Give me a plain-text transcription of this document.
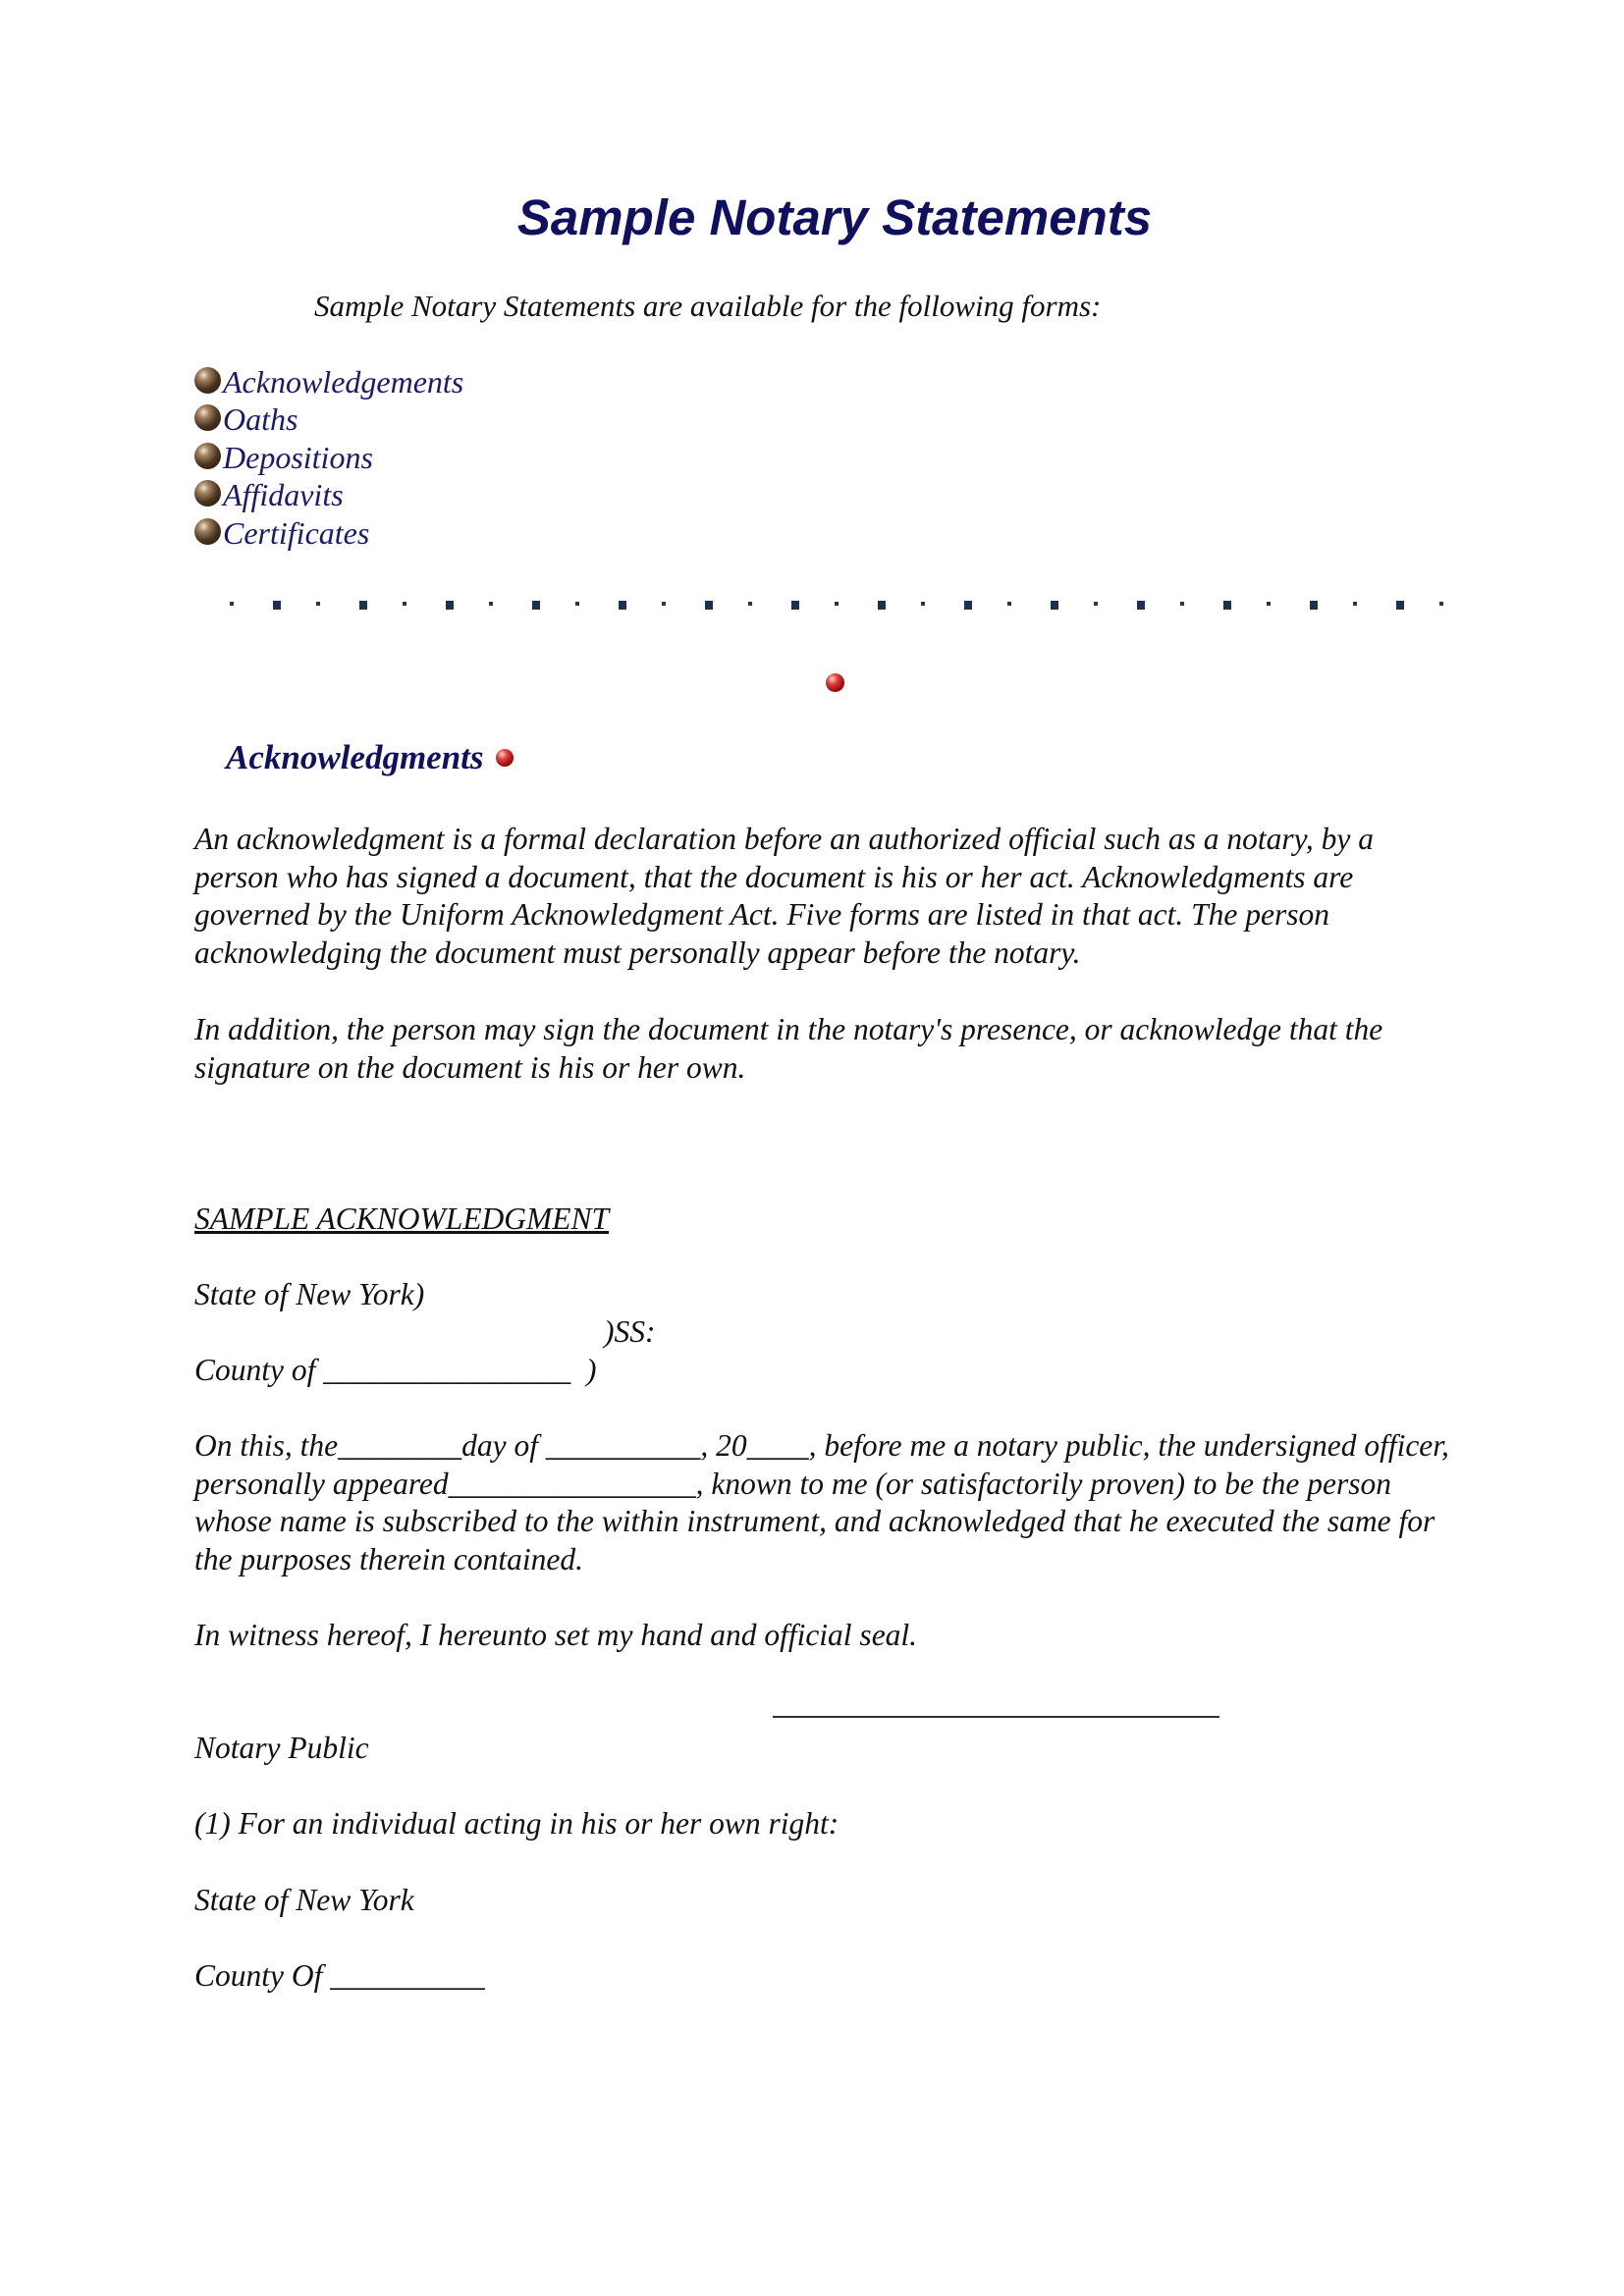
Sample Notary Statements
Sample Notary Statements are available for the following forms:
Acknowledgements
Oaths
Depositions
Affidavits
Certificates
Acknowledgments
An acknowledgment is a formal declaration before an authorized official such as a notary, by a person who has signed a document, that the document is his or her act. Acknowledgments are governed by the Uniform Acknowledgment Act. Five forms are listed in that act. The person acknowledging the document must personally appear before the notary.
In addition, the person may sign the document in the notary's presence, or acknowledge that the signature on the document is his or her own.
SAMPLE ACKNOWLEDGMENT
State of New York)
)SS:
County of ________________  )
On this, the________day of __________, 20____, before me a notary public, the undersigned officer, personally appeared________________, known to me (or satisfactorily proven) to be the person whose name is subscribed to the within instrument, and acknowledged that he executed the same for the purposes therein contained.
In witness hereof, I hereunto set my hand and official seal.
Notary Public
(1) For an individual acting in his or her own right:
State of New York
County Of __________
